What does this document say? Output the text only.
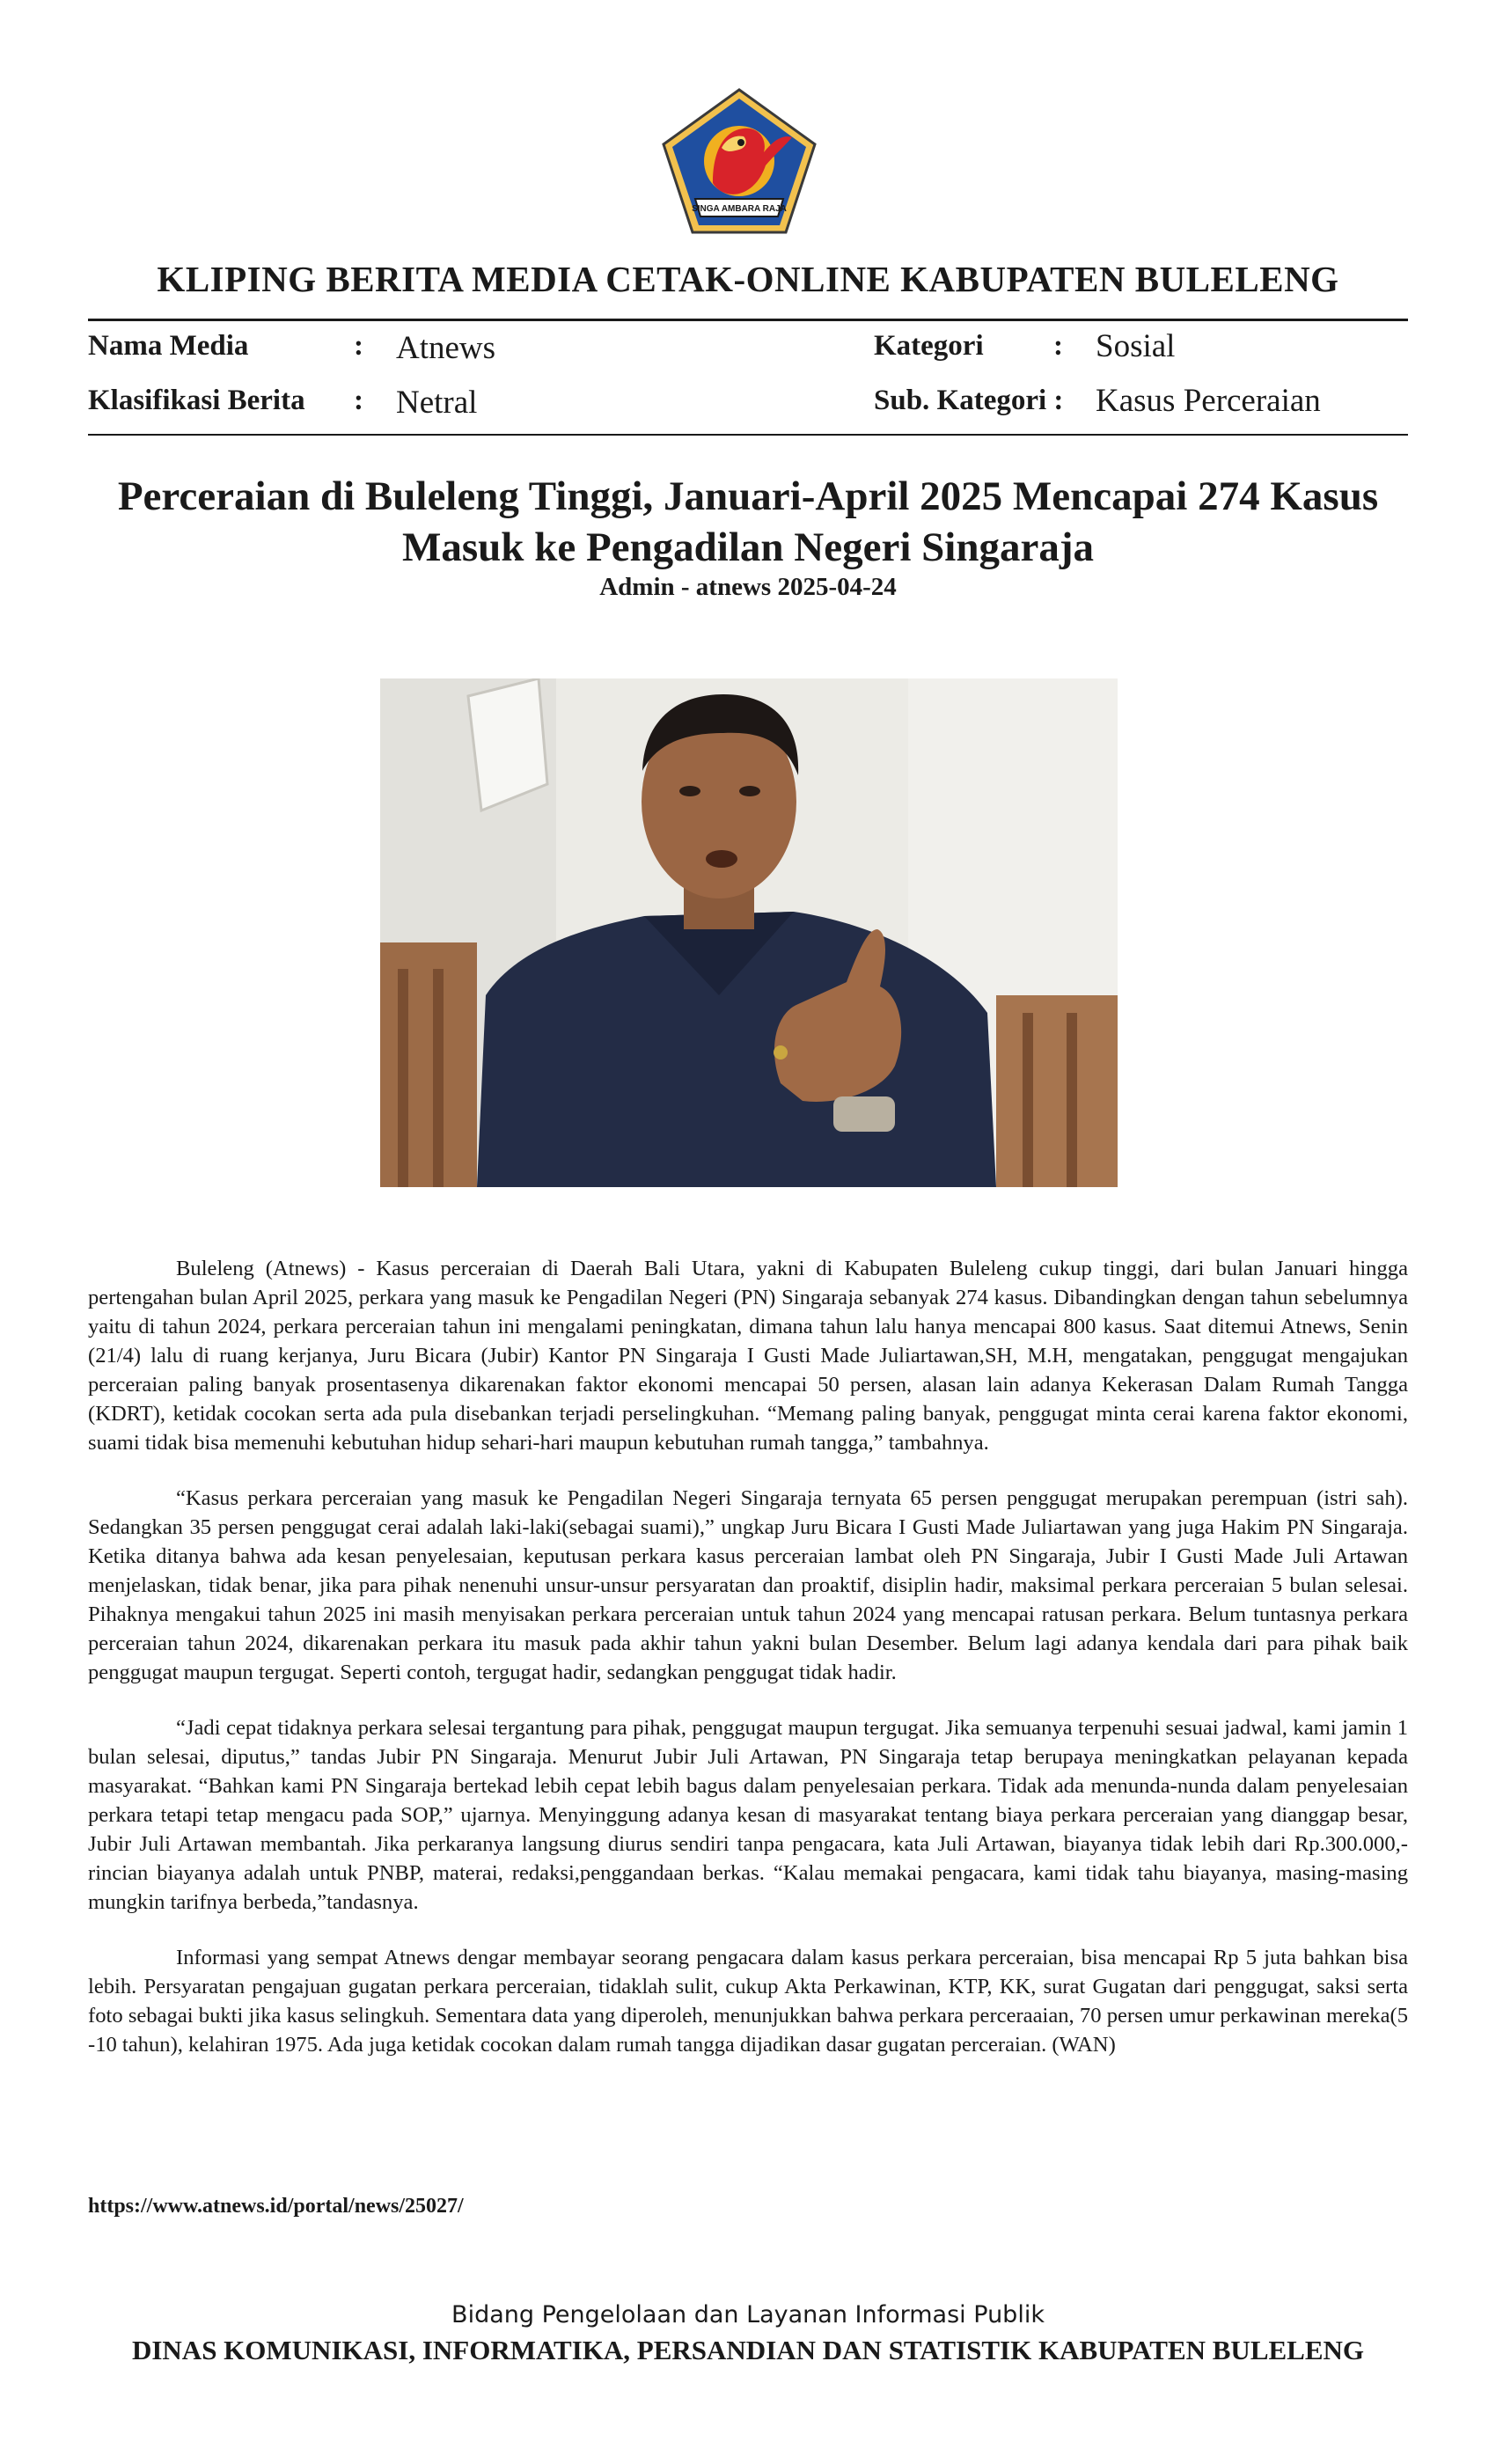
SINGA AMBARA RAJA
KLIPING BERITA MEDIA CETAK-ONLINE KABUPATEN BULELENG
Nama Media	: Atnews
Klasifikasi Berita : Netral
Kategori : Sosial
Sub. Kategori : Kasus Perceraian
Perceraian di Buleleng Tinggi, Januari-April 2025 Mencapai 274 Kasus
Masuk ke Pengadilan Negeri Singaraja
Admin - atnews 2025-04-24

Buleleng (Atnews) - Kasus perceraian di Daerah Bali Utara, yakni di Kabupaten Buleleng cukup tinggi, dari bulan Januari hingga pertengahan bulan April 2025, perkara yang masuk ke Pengadilan Negeri (PN) Singaraja sebanyak 274 kasus. Dibandingkan dengan tahun sebelumnya yaitu di tahun 2024, perkara perceraian tahun ini mengalami peningkatan, dimana tahun lalu hanya mencapai 800 kasus. Saat ditemui Atnews, Senin (21/4) lalu di ruang kerjanya, Juru Bicara (Jubir) Kantor PN Singaraja I Gusti Made Juliartawan,SH, M.H, mengatakan, penggugat mengajukan perceraian paling banyak prosentasenya dikarenakan faktor ekonomi mencapai 50 persen, alasan lain adanya Kekerasan Dalam Rumah Tangga (KDRT), ketidak cocokan serta ada pula disebankan terjadi perselingkuhan. “Memang paling banyak, penggugat minta cerai karena faktor ekonomi, suami tidak bisa memenuhi kebutuhan hidup sehari-hari maupun kebutuhan rumah tangga,” tambahnya.

“Kasus perkara perceraian yang masuk ke Pengadilan Negeri Singaraja ternyata 65 persen penggugat merupakan perempuan (istri sah). Sedangkan 35 persen penggugat cerai adalah laki-laki(sebagai suami),” ungkap Juru Bicara I Gusti Made Juliartawan yang juga Hakim PN Singaraja. Ketika ditanya bahwa ada kesan penyelesaian, keputusan perkara kasus perceraian lambat oleh PN Singaraja, Jubir I Gusti Made Juli Artawan menjelaskan, tidak benar, jika para pihak nenenuhi unsur-unsur persyaratan dan proaktif, disiplin hadir, maksimal perkara perceraian 5 bulan selesai. Pihaknya mengakui tahun 2025 ini masih menyisakan perkara perceraian untuk tahun 2024 yang mencapai ratusan perkara. Belum tuntasnya perkara perceraian tahun 2024, dikarenakan perkara itu masuk pada akhir tahun yakni bulan Desember. Belum lagi adanya kendala dari para pihak baik penggugat maupun tergugat. Seperti contoh, tergugat hadir, sedangkan penggugat tidak hadir.

“Jadi cepat tidaknya perkara selesai tergantung para pihak, penggugat maupun tergugat. Jika semuanya terpenuhi sesuai jadwal, kami jamin 1 bulan selesai, diputus,” tandas Jubir PN Singaraja. Menurut Jubir Juli Artawan, PN Singaraja tetap berupaya meningkatkan pelayanan kepada masyarakat. “Bahkan kami PN Singaraja bertekad lebih cepat lebih bagus dalam penyelesaian perkara. Tidak ada menunda-nunda dalam penyelesaian perkara tetapi tetap mengacu pada SOP,” ujarnya. Menyinggung adanya kesan di masyarakat tentang biaya perkara perceraian yang dianggap besar, Jubir Juli Artawan membantah. Jika perkaranya langsung diurus sendiri tanpa pengacara, kata Juli Artawan, biayanya tidak lebih dari Rp.300.000,- rincian biayanya adalah untuk PNBP, materai, redaksi,penggandaan berkas. “Kalau memakai pengacara, kami tidak tahu biayanya, masing-masing mungkin tarifnya berbeda,”tandasnya.

Informasi yang sempat Atnews dengar membayar seorang pengacara dalam kasus perkara perceraian, bisa mencapai Rp 5 juta bahkan bisa lebih. Persyaratan pengajuan gugatan perkara perceraian, tidaklah sulit, cukup Akta Perkawinan, KTP, KK, surat Gugatan dari penggugat, saksi serta foto sebagai bukti jika kasus selingkuh. Sementara data yang diperoleh, menunjukkan bahwa perkara perceraaian, 70 persen umur perkawinan mereka(5 -10 tahun), kelahiran 1975. Ada juga ketidak cocokan dalam rumah tangga dijadikan dasar gugatan perceraian. (WAN)

https://www.atnews.id/portal/news/25027/
Bidang Pengelolaan dan Layanan Informasi Publik
DINAS KOMUNIKASI, INFORMATIKA, PERSANDIAN DAN STATISTIK KABUPATEN BULELENG
